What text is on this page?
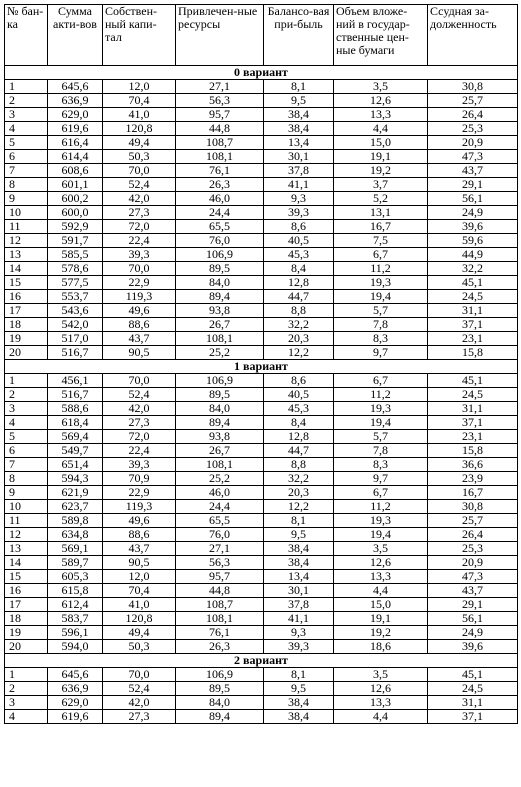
№ бан-ка	Сумма акти-вов	Собствен-ный капи-тал	Привлечен-ные ресурсы	Балансо-вая при-быль	Объем вложе-ний в государ-ственные цен-ные бумаги	Ссудная за-долженность
0 вариант						
1	645,6	12,0	27,1	8,1	3,5	30,8
2	636,9	70,4	56,3	9,5	12,6	25,7
3	629,0	41,0	95,7	38,4	13,3	26,4
4	619,6	120,8	44,8	38,4	4,4	25,3
5	616,4	49,4	108,7	13,4	15,0	20,9
6	614,4	50,3	108,1	30,1	19,1	47,3
7	608,6	70,0	76,1	37,8	19,2	43,7
8	601,1	52,4	26,3	41,1	3,7	29,1
9	600,2	42,0	46,0	9,3	5,2	56,1
10	600,0	27,3	24,4	39,3	13,1	24,9
11	592,9	72,0	65,5	8,6	16,7	39,6
12	591,7	22,4	76,0	40,5	7,5	59,6
13	585,5	39,3	106,9	45,3	6,7	44,9
14	578,6	70,0	89,5	8,4	11,2	32,2
15	577,5	22,9	84,0	12,8	19,3	45,1
16	553,7	119,3	89,4	44,7	19,4	24,5
17	543,6	49,6	93,8	8,8	5,7	31,1
18	542,0	88,6	26,7	32,2	7,8	37,1
19	517,0	43,7	108,1	20,3	8,3	23,1
20	516,7	90,5	25,2	12,2	9,7	15,8
1 вариант						
1	456,1	70,0	106,9	8,6	6,7	45,1
2	516,7	52,4	89,5	40,5	11,2	24,5
3	588,6	42,0	84,0	45,3	19,3	31,1
4	618,4	27,3	89,4	8,4	19,4	37,1
5	569,4	72,0	93,8	12,8	5,7	23,1
6	549,7	22,4	26,7	44,7	7,8	15,8
7	651,4	39,3	108,1	8,8	8,3	36,6
8	594,3	70,9	25,2	32,2	9,7	23,9
9	621,9	22,9	46,0	20,3	6,7	16,7
10	623,7	119,3	24,4	12,2	11,2	30,8
11	589,8	49,6	65,5	8,1	19,3	25,7
12	634,8	88,6	76,0	9,5	19,4	26,4
13	569,1	43,7	27,1	38,4	3,5	25,3
14	589,7	90,5	56,3	38,4	12,6	20,9
15	605,3	12,0	95,7	13,4	13,3	47,3
16	615,8	70,4	44,8	30,1	4,4	43,7
17	612,4	41,0	108,7	37,8	15,0	29,1
18	583,7	120,8	108,1	41,1	19,1	56,1
19	596,1	49,4	76,1	9,3	19,2	24,9
20	594,0	50,3	26,3	39,3	18,6	39,6
2 вариант						
1	645,6	70,0	106,9	8,1	3,5	45,1
2	636,9	52,4	89,5	9,5	12,6	24,5
3	629,0	42,0	84,0	38,4	13,3	31,1
4	619,6	27,3	89,4	38,4	4,4	37,1
